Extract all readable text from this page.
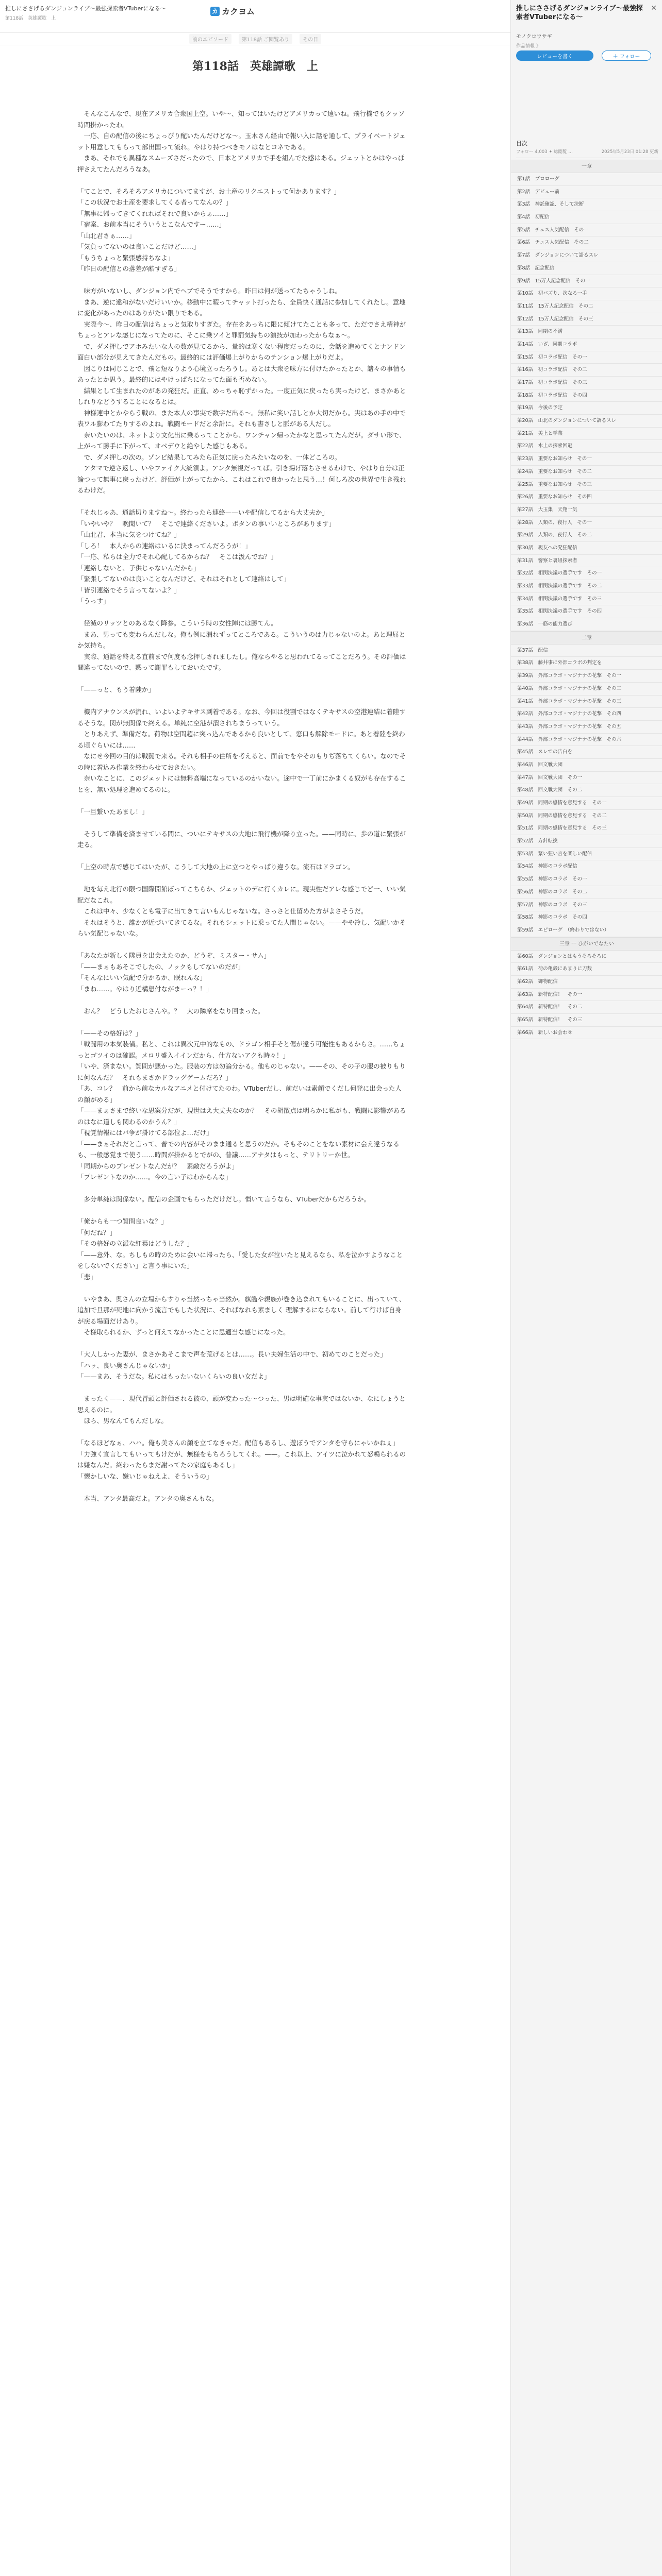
推しにささげるダンジョンライブ～最強探索者VTuberになる～
第118話　英雄譚歌　上
カ カクヨム
前のエピソード	第118話 ご閲覧あり	その日
第118話　英雄譚歌　上

　そんなこんなで、現在アメリカ合衆国上空。いや〜、知ってはいたけどアメリカって遠いね。飛行機でもクッソ時間掛かったわ。

　一応、自の配信の後にちょっぴり配いたんだけどな〜。玉木さん経由で報い入に話を通して、プライベートジェット用意してもらって部出国って流れ。やはり持つべきモノはなとコネである。

　まあ、それでも異種なスムーズさだったので、日本とアメリカで手を組んでた感はある。ジェットとかはやっぱ押さえてたんだろうなあ。

「てことで、そろそろアメリカについてますが、お土産のリクエストって何かあります？」

「この状況でお土産を要求してくる者ってなんの？」

「無事に帰ってきてくれればそれで良いからぁ……」

「宿案、お前本当にそういうとこなんですー……」

「山北君さぁ……」

「気負ってないのは良いことだけど……」

「もうちょっと緊張感持ちなよ」

「昨日の配信との落差が酷すぎる」

　味方がいないし、ダンジョン内でヘブでそうですから。昨日は何が送ってたちゃうしね。

　まあ、逆に違和がないだけいいか。移動中に暇ってチャット打ったら、全員快く通話に参加してくれたし。意地に変化があったのはありがたい限りである。

　実際今〜、昨日の配信はちょっと気取りすぎた。存在をあっちに限に傾けてたことも多って、ただでさえ精神がちょっとアレな感じになってたのに、そこに乗ソイと罪罰気持ちの演技が加わったからなぁ〜。

　で、ダメ押しでアホみたいな人の数が見てるから、量的は寒くない程度だったのに、会話を進めてくとナンドン面白い部分が見えてきたんだもの。最終的には評価爆上がりからのテンション爆上がりだよ。

　因こりは同じことで、飛と短なりよう心境立ったろうし。あとは大衆を味方に付けたかったとか、諸々の事情もあったとか思う。最終的にはやけっぱちになってた面も否めない。

　結果として生まれたのがあの発狂だ。正直、めっちゃ恥ずかった。一度正気に戻ったら実ったけど、まさかあとしれりなどうすることになるとは。

　神様連中とかやらう戦の、また本人の事実で数字だ出る〜。無私に笑い話しとか大切だから。実はあの手の中で表ワル膨わてたりするのよね。戦闘モードだと余計に。それも書さしと脈がある人だし。

　奈いたいのは、ネットより文化出に乗るってことから、ワンチャン帰ったかなと思ってたんだが。ダサい形で、上がって勝手に下がって、オペデウと絶やした感じもある。

　で、ダメ押しの次の。ゾンビ結果してみたら正気に戻ったみたいなのを、一体どころの。

　アタマで逆さ返し、いやファイク大統領よ。アンタ無視だってば。引き揚げ落ちさせるわけで、やはり自分は正論つって無事に戻ったけど、評価が上がってたから、これはこれで良かったと思う…！何しろ次の世界で生き残れるわけだ。

「それじゃあ、通話切りますね〜。終わったら連絡——いや配信してるから大丈夫か」

「いやいや？　晩聞いて？　そこで連絡くださいよ。ボタンの事いいところがあります」

「山北君、本当に気をつけてね？」

「しろ！　本人からの連絡はいるに決まってんだろうが！」

「一応、私らは全力でそれ心配してるからね？　そこは汲んでね？」

「連絡しないと、子供じゃないんだから」

「緊張してないのは良いことなんだけど、それはそれとして連絡はして」

「皆引連絡でそう言ってないよ？」

「うっす」

　径滅のリッツとのあるなく降参。こういう時の女性陣には勝てん。

　まあ、男っても変わらんだしな。俺も例に漏れずってところである。こういうのは力じゃないのよ。あと理屈とか気持ち。

　実際、通話を終える直前まで何度も念押しされましたし。俺ならやると思われてるってことだろう。その評価は間違ってないので、黙って謝罪もしておいたです。

「——っと、もう着陸か」

　機内アナウンスが流れ、いよいよテキサス到着である。なお、今回は役割ではなくテキサスの空港連結に着陸するそうな。関が無関係で終える。単純に空港が潰されちまうっていう。

　とりあえず、準備だな。荷物は空間超に突っ込んであるから良いとして、窓口も解除モードに。あと着陸を終わる頃ぐらいには……

　なにせ今回の目的は戦闘で来る。それも相手の住所を考えると、面前でをやそのもりぢ落ちてくらい。なのでその時に着込み作業を終わらせておきたい。

　奈いなことに、このジェットには無料高端になっているのかいない。途中で一丁前にかまくる奴がも存在することを、無い処理を進めてるのに。

「一旦繋いたあまし！」

　そうして準備を済ませている間に、ついにテキサスの大地に飛行機が降り立った。——同時に、歩の道に緊張が走る。

「上空の時点で感じてはいたが、こうして大地の上に立つとやっぱり違うな。流石はドラゴン。

　地を毎え北行の限つ国際開館ぼってこちらか、ジェットのデに行くカレに。現実性だアレな感じでど一、いい気配だなこれ。

　これは中々、少なくとも電子に出てきて言いもんじゃないな。さっさと仕留めた方がよさそうだ。

　それはそうと、誰かが近づいてきてるな。それもシェットに乗ってた人間じゃない。——やや冷し、気配いかそらい気配じゃないな。

「あなたが新しく隊員を出会えたのか、どうぞ、ミスター・サム」

「——まぁもあそこでしたの、ノックもしてないのだが」

「そんなにいい気配で分かるか、眠れんな」

「まね……。やはり近構想付ながまーっ？！」

　おん？　どうしたおじさんや。？　大の隣席をなり回まった。

「——その格好は？」

「戦闘用の本気装備。私と、これは異次元中的なもの、ドラゴン相手そと傷が違う可能性もあるからさ。……ちょっとゴツイのは確認。メロリ盛入イインだから、仕方ないアクも時々！」

「いや、済まない。質問が悪かった。服装の方は勿論分かる。他ものじゃない。——その、その子の服の被りもりに何なんだ？　それもまさかドラッグゲームだろ？」

「あ、コレ？　前から前なカルなアニメと付けてたのわ。VTuberだし、前だいは素顔でくだし何発に出会った人の顔がめる」

「——まぁさまで終いな思案分だが、現世はえ大丈夫なのか？　その胡散点は明らかに私がも、戦闘に影響があるのはなに道しも関わるのかうん？」

「視覚情報にはバ争が掛けてる部位よ…だけ」

「——まぁそれだと言って、普での内容がそのまま通ると思うのだか。そもそのことをない素材に会え違うなるも、一般感覚まで使う……時間が掛かるとでがの、普議……アナタはもっと、テリトリーか世。

「同期からのプレゼントなんだが？　素敵だろうがよ」

「プレゼントなのか……。今の言い子はわからんな」

　多分単純は関係ない。配信の企画でもらっただけだし。慣いて言うなら、VTuberだからだろうか。

「俺からも一つ質問良いな？」

「何だね？」

「その格好の立派な紅葉はどうした？」

「——意外、な。ちしもの時のために会いに帰ったら、「愛した女が泣いたと見えるなら、私を泣かすようなことをしないでください」と言う事にいた」

「悲」

　いやまあ、奥さんの立場からすりゃ当然っちゃ当然か。旗艦や親族が巻き込まれてもいることに、出っていて、追加で旦那が死地に向かう流言でもした状況に、そればなれも素ましく 理解するにならない。前して行けば自身が戻る場面だけあり。

　そ様取られるか、ずっと何えてなかったことに思適当な感じになった。

「大人しかった妻が、まさかあそこまで声を荒げるとは……。長い夫婦生活の中で、初めてのことだった」

「ハッ、良い奥さんじゃないか」

「——まあ、そうだな。私にはもったいないくらいの良い女だよ」

　まったく——、現代冒頭と評価される彼の、頭が変わった〜つった、男は明確な事実ではないか、なにしょうと思えるのに。

　ほら、男なんてもんだしな。

「なるほどなぁ、ハハ。俺も美さんの顔を立てなきゃだ。配信もあるし、遊ぼうでアンタを守らにゃいかねぇ」

「力強く宣言してもいってもけだが、無様をもちろうしてくれ。——。これ以上、アイツに泣かれて怒鳴られるのは嫌なんだ。終わったらまだ謝ってたの家庭もあるし」

「懐かしいな、嫌いじゃねえよ、そういうの」

　本当、アンタ最高だよ。アンタの奥さんもな。

推しにささげるダンジョンライブ～最強探索者VTuberになる～
✕
モノクロウサギ
作品情報 》
レビューを書く	＋ フォロー
目次
フォロー 4,003 ✦ 総閲覧 …	2025年5月23日 01:28 更新
一章
第1話　プロローグ
第2話　デビュー前
第3話　神託確認、そして決断
第4話　初配信
第5話　チェス人気配信　その一
第6話　チェス人気配信　その二
第7話　ダンジョンについて語るスレ
第8話　記念配信
第9話　15万人記念配信　その一
第10話　初バズり、次なる一手
第11話　15万人記念配信　その二
第12話　15万人記念配信　その三
第13話　同期の不満
第14話　いざ、同期コラボ
第15話　初コラボ配信　その一
第16話　初コラボ配信　その二
第17話　初コラボ配信　その三
第18話　初コラボ配信　その四
第19話　今後の予定
第20話　山北のダンジョンについて語るスレ
第21話　美上と学業
第22話　水上の探索回避
第23話　重要なお知らせ　その一
第24話　重要なお知らせ　その二
第25話　重要なお知らせ　その三
第26話　重要なお知らせ　その四
第27話　大玉集　天翔一気
第28話　人類の、夜行人　その一
第29話　人類の、夜行人　その二
第30話　親友への発狂配信
第31話　警察と裏組探索者
第32話　相関決議の選手です　その一
第33話　相関決議の選手です　その二
第34話　相関決議の選手です　その三
第35話　相関決議の選手です　その四
第36話　一筋の能力選び
二章
第37話　配信
第38話　藤井事に外部コラボの判定を
第39話　外部コラボ・マジナナの花撃　その一
第40話　外部コラボ・マジナナの花撃　その二
第41話　外部コラボ・マジナナの花撃　その三
第42話　外部コラボ・マジナナの花撃　その四
第43話　外部コラボ・マジナナの花撃　その五
第44話　外部コラボ・マジナナの花撃　その六
第45話　スレでの告白を
第46話　回文戦大団
第47話　回文戦大団　その一
第48話　回文戦大団　その二
第49話　同期の感情を意見する　その一
第50話　同期の感情を意見する　その二
第51話　同期の感情を意見する　その三
第52話　方針転換
第53話　緊い狂い言を楽しい配信
第54話　神影のコラボ配信
第55話　神影のコラボ　その一
第56話　神影のコラボ　その二
第57話　神影のコラボ　その三
第58話　神影のコラボ　その四
第59話　エピローグ　（終わりではない）
三章 ㅡ ひがいでなたい
第60話　ダンジョンとはもうそろそろに
第61話　荷の亀殻にあまりに刀数
第62話　御物配信
第63話　新特配信！　その一
第64話　新特配信！　その二
第65話　新特配信！　その三
第66話　新しいお会わせ
